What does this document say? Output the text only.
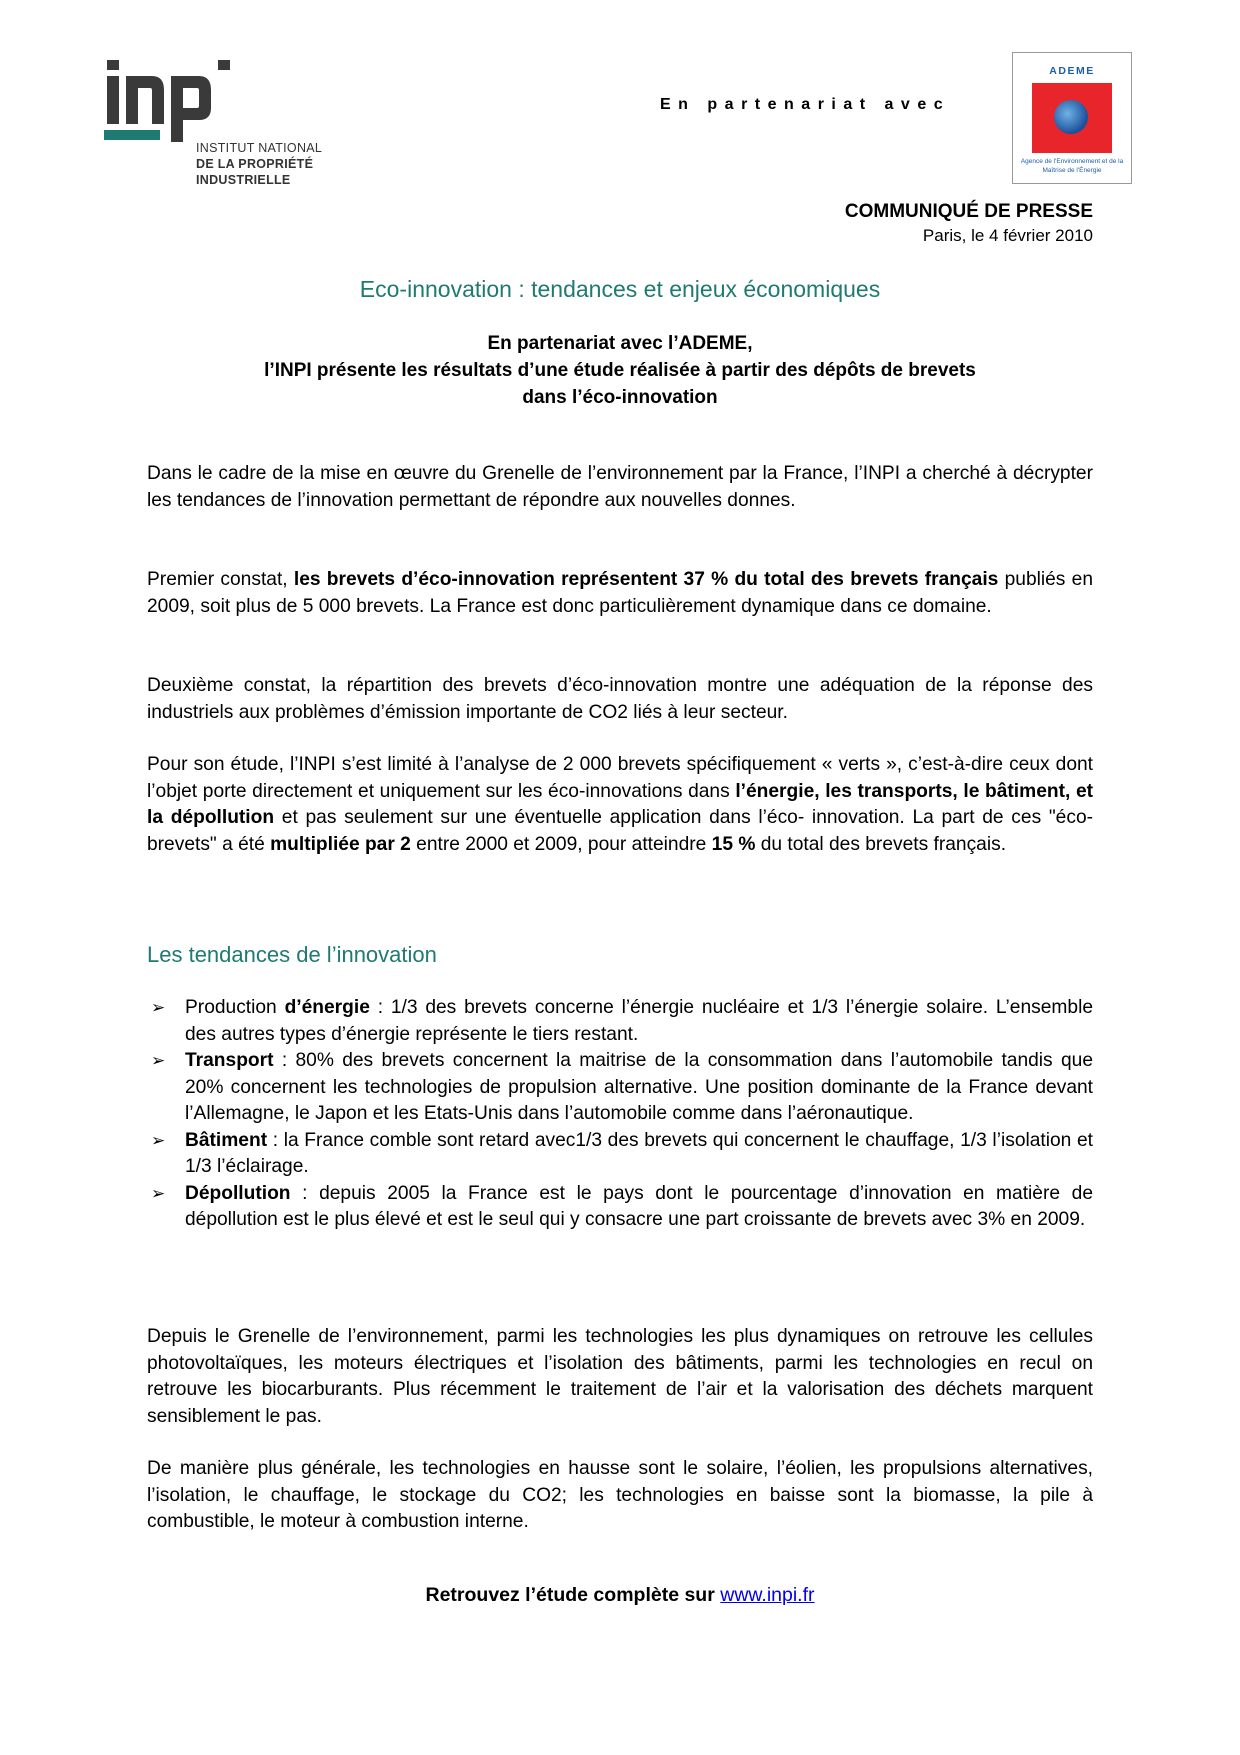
INSTITUT NATIONAL
DE LA PROPRIÉTÉ
INDUSTRIELLE
En partenariat avec
ADEME
Agence de l'Environnement et de la Maîtrise de l'Énergie
COMMUNIQUÉ DE PRESSE
Paris, le 4 février 2010
Eco-innovation : tendances et enjeux économiques
En partenariat avec l’ADEME,
l’INPI présente les résultats d’une étude réalisée à partir des dépôts de brevets
dans l’éco-innovation
Dans le cadre de la mise en œuvre du Grenelle de l’environnement par la France, l’INPI a cherché à décrypter les tendances de l’innovation permettant de répondre aux nouvelles donnes.
Premier constat, les brevets d’éco-innovation représentent 37 % du total des brevets français publiés en 2009, soit plus de 5 000 brevets. La France est donc particulièrement dynamique dans ce domaine.
Deuxième constat, la répartition des brevets d’éco-innovation montre une adéquation de la réponse des industriels aux problèmes d’émission importante de CO2 liés à leur secteur.
Pour son étude, l’INPI s’est limité à l’analyse de 2 000 brevets spécifiquement « verts », c’est-à-dire ceux dont l’objet porte directement et uniquement sur les éco-innovations dans l’énergie, les transports, le bâtiment, et la dépollution et pas seulement sur une éventuelle application dans l’éco- innovation. La part de ces "éco-brevets" a été multipliée par 2 entre 2000 et 2009, pour atteindre 15 % du total des brevets français.
Les tendances de l’innovation
➢ Production d’énergie : 1/3 des brevets concerne l’énergie nucléaire et 1/3 l’énergie solaire. L’ensemble des autres types d’énergie représente le tiers restant.
➢ Transport : 80% des brevets concernent la maitrise de la consommation dans l’automobile tandis que 20% concernent les technologies de propulsion alternative. Une position dominante de la France devant l’Allemagne, le Japon et les Etats-Unis dans l’automobile comme dans l’aéronautique.
➢ Bâtiment : la France comble sont retard avec1/3 des brevets qui concernent le chauffage, 1/3 l’isolation et 1/3 l’éclairage.
➢ Dépollution : depuis 2005 la France est le pays dont le pourcentage d’innovation en matière de dépollution est le plus élevé et est le seul qui y consacre une part croissante de brevets avec 3% en 2009.
Depuis le Grenelle de l’environnement, parmi les technologies les plus dynamiques on retrouve les cellules photovoltaïques, les moteurs électriques et l’isolation des bâtiments, parmi les technologies en recul on retrouve les biocarburants. Plus récemment le traitement de l’air et la valorisation des déchets marquent sensiblement le pas.
De manière plus générale, les technologies en hausse sont le solaire, l’éolien, les propulsions alternatives, l’isolation, le chauffage, le stockage du CO2; les technologies en baisse sont la biomasse, la pile à combustible, le moteur à combustion interne.
Retrouvez l’étude complète sur www.inpi.fr
